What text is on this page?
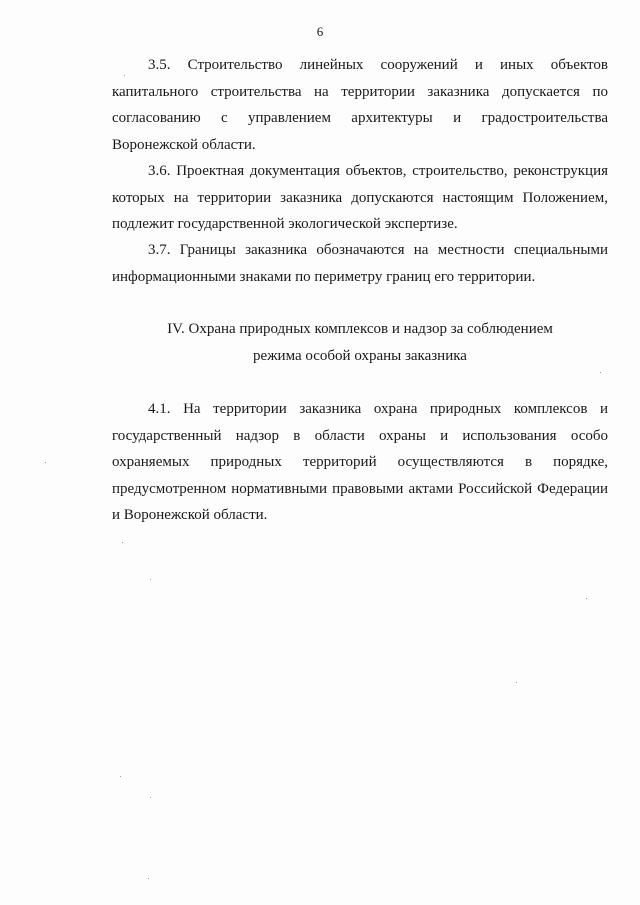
6

3.5. Строительство линейных сооружений и иных объектов капитального строительства на территории заказника допускается по согласованию с управлением архитектуры и градостроительства Воронежской области.

3.6. Проектная документация объектов, строительство, реконструкция которых на территории заказника допускаются настоящим Положением, подлежит государственной экологической экспертизе.

3.7. Границы заказника обозначаются на местности специальными информационными знаками по периметру границ его территории.

IV. Охрана природных комплексов и надзор за соблюдением
режима особой охраны заказника

4.1. На территории заказника охрана природных комплексов и государственный надзор в области охраны и использования особо охраняемых природных территорий осуществляются в порядке, предусмотренном нормативными правовыми актами Российской Федерации и Воронежской области.
